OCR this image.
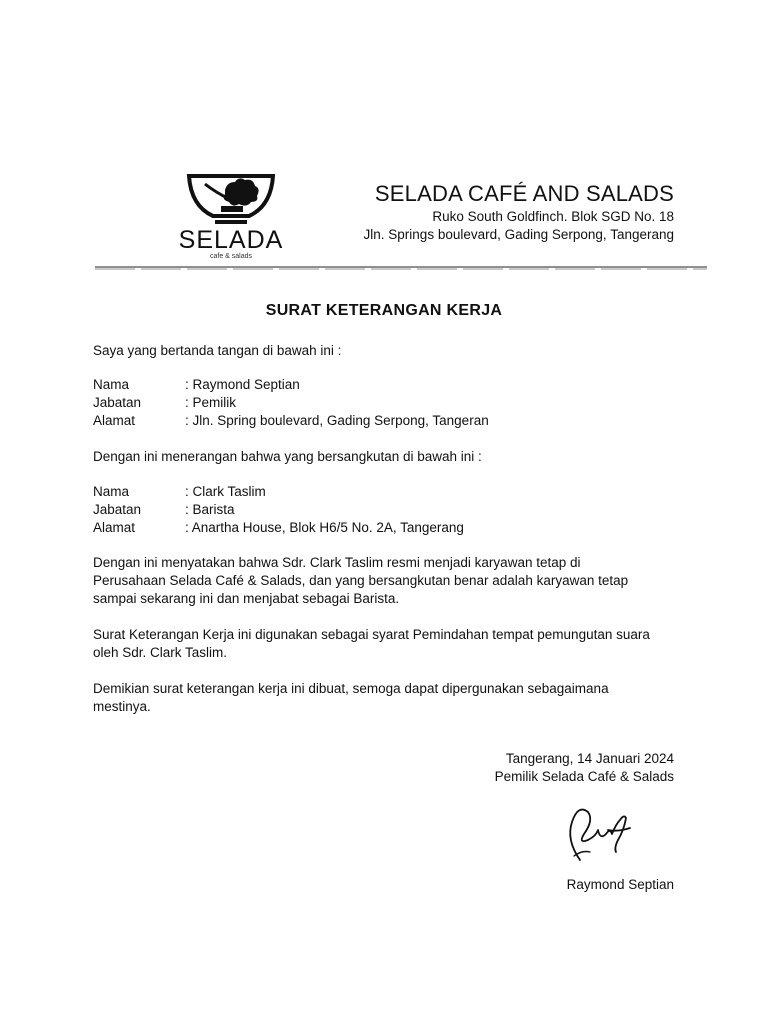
SELADA
cafe & salads
SELADA CAFÉ AND SALADS
Ruko South Goldfinch. Blok SGD No. 18
Jln. Springs boulevard, Gading Serpong, Tangerang
SURAT KETERANGAN KERJA
Saya yang bertanda tangan di bawah ini :
Nama	: Raymond Septian
Jabatan	: Pemilik
Alamat	: Jln. Spring boulevard, Gading Serpong, Tangeran
Dengan ini menerangan bahwa yang bersangkutan di bawah ini :
Nama	: Clark Taslim
Jabatan	: Barista
Alamat	: Anartha House, Blok H6/5 No. 2A, Tangerang
Dengan ini menyatakan bahwa Sdr. Clark Taslim resmi menjadi karyawan tetap di
Perusahaan Selada Café & Salads, dan yang bersangkutan benar adalah karyawan tetap
sampai sekarang ini dan menjabat sebagai Barista.
Surat Keterangan Kerja ini digunakan sebagai syarat Pemindahan tempat pemungutan suara
oleh Sdr. Clark Taslim.
Demikian surat keterangan kerja ini dibuat, semoga dapat dipergunakan sebagaimana
mestinya.
Tangerang, 14 Januari 2024
Pemilik Selada Café & Salads
Raymond Septian
